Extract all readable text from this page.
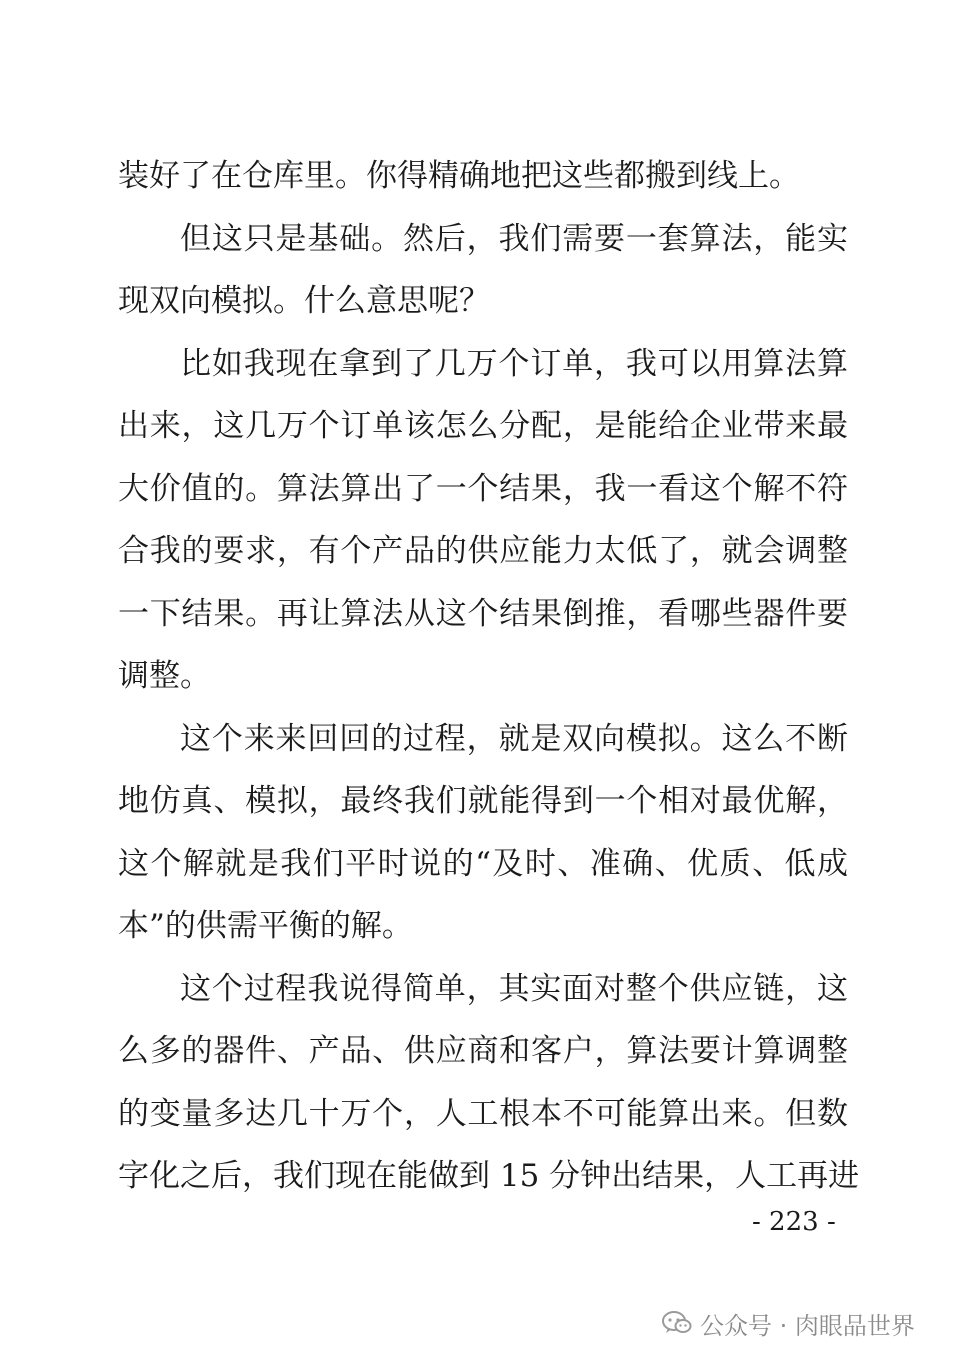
装好了在仓库里。你得精确地把这些都搬到线上。
但这只是基础。然后，我们需要一套算法，能实
现双向模拟。什么意思呢？
比如我现在拿到了几万个订单，我可以用算法算
出来，这几万个订单该怎么分配，是能给企业带来最
大价值的。算法算出了一个结果，我一看这个解不符
合我的要求，有个产品的供应能力太低了，就会调整
一下结果。再让算法从这个结果倒推，看哪些器件要
调整。
这个来来回回的过程，就是双向模拟。这么不断
地仿真、模拟，最终我们就能得到一个相对最优解，
这个解就是我们平时说的“及时、准确、优质、低成
本”的供需平衡的解。
这个过程我说得简单，其实面对整个供应链，这
么多的器件、产品、供应商和客户，算法要计算调整
的变量多达几十万个，人工根本不可能算出来。但数
字化之后，我们现在能做到 15 分钟出结果，人工再进
- 223 -
公众号 · 肉眼品世界
